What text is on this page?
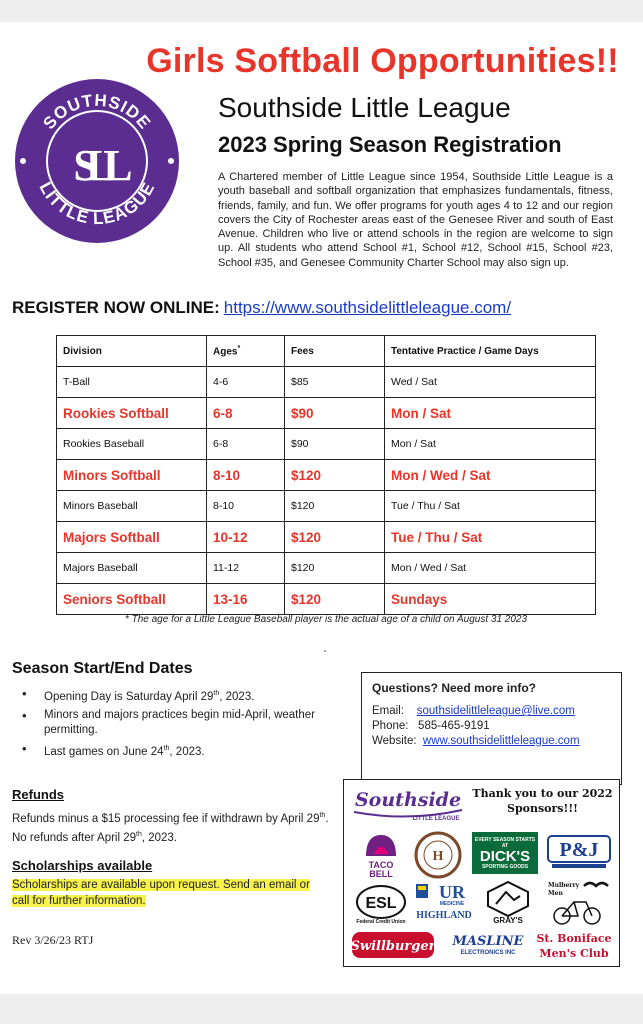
Girls Softball Opportunities!!
SOUTHSIDE
LITTLE LEAGUE
SLL
Southside Little League
2023 Spring Season Registration

A Chartered member of Little League since 1954, Southside Little League is a youth baseball and softball organization that emphasizes fundamentals, fitness, friends, family, and fun. We offer programs for youth ages 4 to 12 and our region covers the City of Rochester areas east of the Genesee River and south of East Avenue. Children who live or attend schools in the region are welcome to sign up. All students who attend School #1, School #12, School #15, School #23, School #35, and Genesee Community Charter School may also sign up.

REGISTER NOW ONLINE: https://www.southsidelittleleague.com/
Division	Ages*	Fees	Tentative Practice / Game Days
T-Ball	4-6	$85	Wed / Sat
Rookies Softball	6-8	$90	Mon / Sat
Rookies Baseball	6-8	$90	Mon / Sat
Minors Softball	8-10	$120	Mon / Wed / Sat
Minors Baseball	8-10	$120	Tue / Thu / Sat
Majors Softball	10-12	$120	Tue / Thu / Sat
Majors Baseball	11-12	$120	Mon / Wed / Sat
Seniors Softball	13-16	$120	Sundays
* The age for a Little League Baseball player is the actual age of a child on August 31 2023
Season Start/End Dates
• Opening Day is Saturday April 29th, 2023.
• Minors and majors practices begin mid-April, weather permitting.
• Last games on June 24th, 2023.
Refunds

Refunds minus a $15 processing fee if withdrawn by April 29th. No refunds after April 29th, 2023.

Scholarships available

Scholarships are available upon request. Send an email or call for further information.

Rev 3/26/23 RTJ
Questions? Need more info?
Email: southsidelittleleague@live.com
Phone: 585-465-9191
Website: www.southsidelittleleague.com
Southside
LITTLE LEAGUE
Thank you to our 2022 Sponsors!!!
TACO
BELL
H
EVERY SEASON STARTS AT
DICK'S
SPORTING GOODS
P&J
ESL
Federal Credit Union
UR
MEDICINE
HIGHLAND	GRAY'S
Mulberry
Men
Swillburger MASLINE
ELECTRONICS INC
St. Boniface
Men's Club
